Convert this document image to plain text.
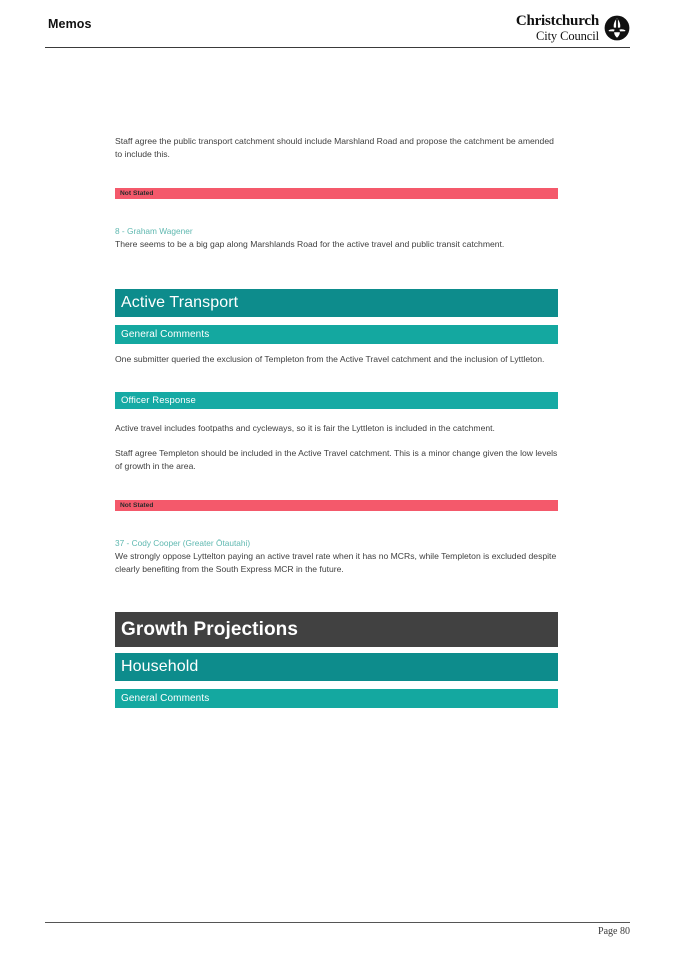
Memos	Christchurch
City Council

Staff agree the public transport catchment should include Marshland Road and propose the catchment be amended to include this.

Not Stated

8 - Graham Wagener

There seems to be a big gap along Marshlands Road for the active travel and public transit catchment.

Active Transport
General Comments

One submitter queried the exclusion of Templeton from the Active Travel catchment and the inclusion of Lyttleton.

Officer Response

Active travel includes footpaths and cycleways, so it is fair the Lyttleton is included in the catchment.

Staff agree Templeton should be included in the Active Travel catchment. This is a minor change given the low levels of growth in the area.

Not Stated

37 - Cody Cooper (Greater Ōtautahi)

We strongly oppose Lyttelton paying an active travel rate when it has no MCRs, while Templeton is excluded despite clearly benefiting from the South Express MCR in the future.

Growth Projections
Household
General Comments
Page 80
